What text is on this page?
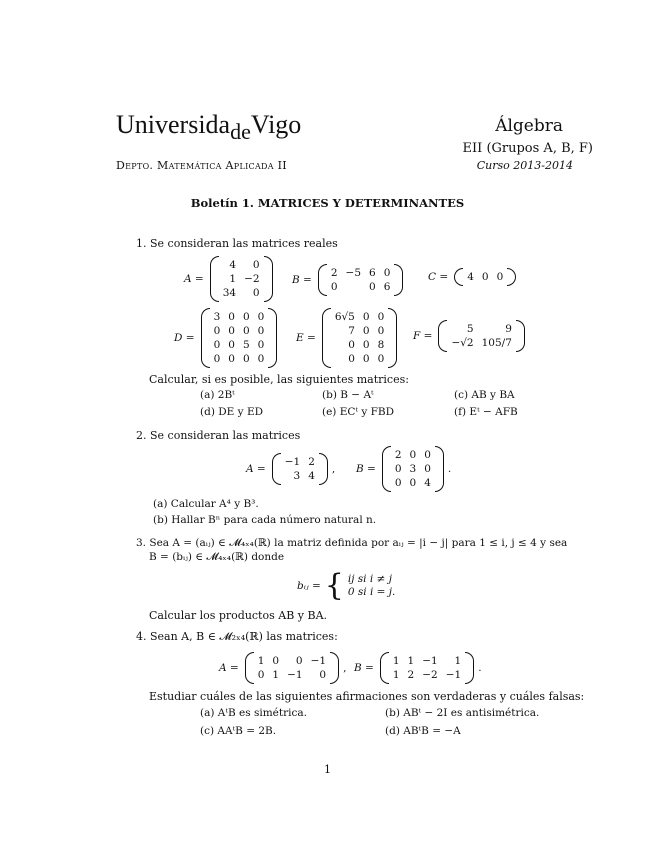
Universida$_{de}$Vigo	Álgebra
EII (Grupos A, B, F)
Depto. Matemática Aplicada II	Curso 2013-2014
Boletín 1. MATRICES Y DETERMINANTES
1. Se consideran las matrices reales
A =
4	0
1	−2
34	0
B =
2	−5	6	0
0		0	6
C = 4	0	0
D =
3	0	0	0
0	0	0	0
0	0	5	0
0	0	0	0
E =
6√5	0	0
7	0	0
0	0	8
0	0	0
F =
5	9
−√2	105/7
Calcular, si es posible, las siguientes matrices:
(a) 2Bᵗ	(b) B − Aᵗ	(c) AB y BA
(d) DE y ED	(e) ECᵗ y FBD	(f) Eᵗ − AFB
2. Se consideran las matrices
A =
−1	2
3	4
, B =
2	0	0
0	3	0
0	0	4
.
(a) Calcular A⁴ y B³.
(b) Hallar Bⁿ para cada número natural n.
3. Sea A = (aᵢⱼ) ∈ 𝓜₄ₓ₄(ℝ) la matriz definida por aᵢⱼ = |i − j| para 1 ≤ i, j ≤ 4 y sea
B = (bᵢⱼ) ∈ 𝓜₄ₓ₄(ℝ) donde
bᵢⱼ = { ij si i ≠ j
0 si i = j.
Calcular los productos AB y BA.
4. Sean A, B ∈ 𝓜₂ₓ₄(ℝ) las matrices:
A =
1	0	0	−1
0	1	−1	0
, B =
1	1	−1	1
1	2	−2	−1
.
Estudiar cuáles de las siguientes afirmaciones son verdaderas y cuáles falsas:
(a) AᵗB es simétrica.	(b) ABᵗ − 2I es antisimétrica.
(c) AAᵗB = 2B.	(d) ABᵗB = −A
1
